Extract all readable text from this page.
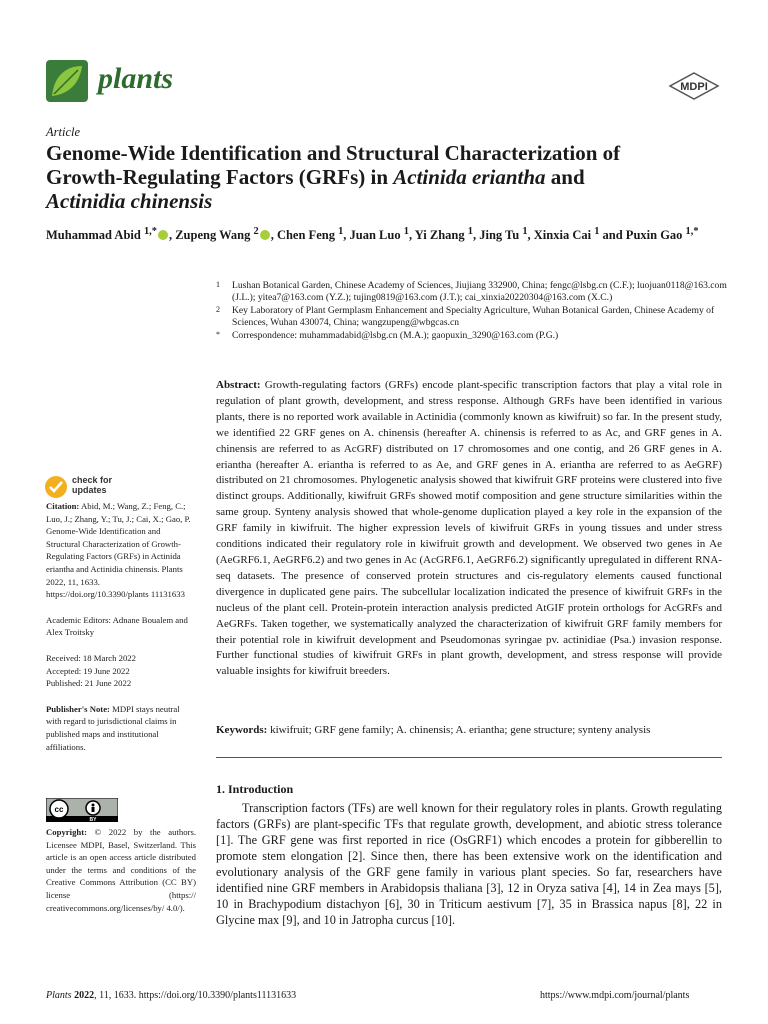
plants	MDPI
Article
Genome-Wide Identification and Structural Characterization of
Growth-Regulating Factors (GRFs) in Actinida eriantha and
Actinidia chinensis
Muhammad Abid $^{1,*}$ , Zupeng Wang $^2$ , Chen Feng $^1$, Juan Luo $^1$, Yi Zhang $^1$, Jing Tu $^1$, Xinxia Cai $^1$ and Puxin Gao $^{1,*}$
1 Lushan Botanical Garden, Chinese Academy of Sciences, Jiujiang 332900, China; fengc@lsbg.cn (C.F.); luojuan0118@163.com (J.L.); yitea7@163.com (Y.Z.); tujing0819@163.com (J.T.); cai_xinxia20220304@163.com (X.C.)
2 Key Laboratory of Plant Germplasm Enhancement and Specialty Agriculture, Wuhan Botanical Garden, Chinese Academy of Sciences, Wuhan 430074, China; wangzupeng@wbgcas.cn
* Correspondence: muhammadabid@lsbg.cn (M.A.); gaopuxin_3290@163.com (P.G.)
check for
updates

Citation: Abid, M.; Wang, Z.; Feng, C.; Luo, J.; Zhang, Y.; Tu, J.; Cai, X.; Gao, P. Genome-Wide Identification and Structural Characterization of Growth-Regulating Factors (GRFs) in Actinida eriantha and Actinidia chinensis. Plants 2022, 11, 1633. https://doi.org/10.3390/plants 11131633

Academic Editors: Adnane Boualem and Alex Troitsky

Received: 18 March 2022

Accepted: 19 June 2022

Published: 21 June 2022

Publisher's Note: MDPI stays neutral with regard to jurisdictional claims in published maps and institutional affiliations.

cc
BY

Copyright: © 2022 by the authors. Licensee MDPI, Basel, Switzerland. This article is an open access article distributed under the terms and conditions of the Creative Commons Attribution (CC BY) license (https:// creativecommons.org/licenses/by/ 4.0/).

Abstract: Growth-regulating factors (GRFs) encode plant-specific transcription factors that play a vital role in regulation of plant growth, development, and stress response. Although GRFs have been identified in various plants, there is no reported work available in Actinidia (commonly known as kiwifruit) so far. In the present study, we identified 22 GRF genes on A. chinensis (hereafter A. chinensis is referred to as Ac, and GRF genes in A. chinensis are referred to as AcGRF) distributed on 17 chromosomes and one contig, and 26 GRF genes in A. eriantha (hereafter A. eriantha is referred to as Ae, and GRF genes in A. eriantha are referred to as AeGRF) distributed on 21 chromosomes. Phylogenetic analysis showed that kiwifruit GRF proteins were clustered into five distinct groups. Additionally, kiwifruit GRFs showed motif composition and gene structure similarities within the same group. Synteny analysis showed that whole-genome duplication played a key role in the expansion of the GRF family in kiwifruit. The higher expression levels of kiwifruit GRFs in young tissues and under stress conditions indicated their regulatory role in kiwifruit growth and development. We observed two genes in Ae (AeGRF6.1, AeGRF6.2) and two genes in Ac (AcGRF6.1, AeGRF6.2) significantly upregulated in different RNA-seq datasets. The presence of conserved protein structures and cis-regulatory elements caused functional divergence in duplicated gene pairs. The subcellular localization indicated the presence of kiwifruit GRFs in the nucleus of the plant cell. Protein-protein interaction analysis predicted AtGIF protein orthologs for AcGRFs and AeGRFs. Taken together, we systematically analyzed the characterization of kiwifruit GRF family members for their potential role in kiwifruit development and Pseudomonas syringae pv. actinidiae (Psa.) invasion response. Further functional studies of kiwifruit GRFs in plant growth, development, and stress response will provide valuable insights for kiwifruit breeders.

Keywords: kiwifruit; GRF gene family; A. chinensis; A. eriantha; gene structure; synteny analysis

1. Introduction

Transcription factors (TFs) are well known for their regulatory roles in plants. Growth regulating factors (GRFs) are plant-specific TFs that regulate growth, development, and abiotic stress tolerance [1]. The GRF gene was first reported in rice (OsGRF1) which encodes a protein for gibberellin to promote stem elongation [2]. Since then, there has been extensive work on the identification and evolutionary analysis of the GRF gene family in various plant species. So far, researchers have identified nine GRF members in Arabidopsis thaliana [3], 12 in Oryza sativa [4], 14 in Zea mays [5], 10 in Brachypodium distachyon [6], 30 in Triticum aestivum [7], 35 in Brassica napus [8], 22 in Glycine max [9], and 10 in Jatropha curcus [10].

Plants 2022, 11, 1633. https://doi.org/10.3390/plants11131633	https://www.mdpi.com/journal/plants
